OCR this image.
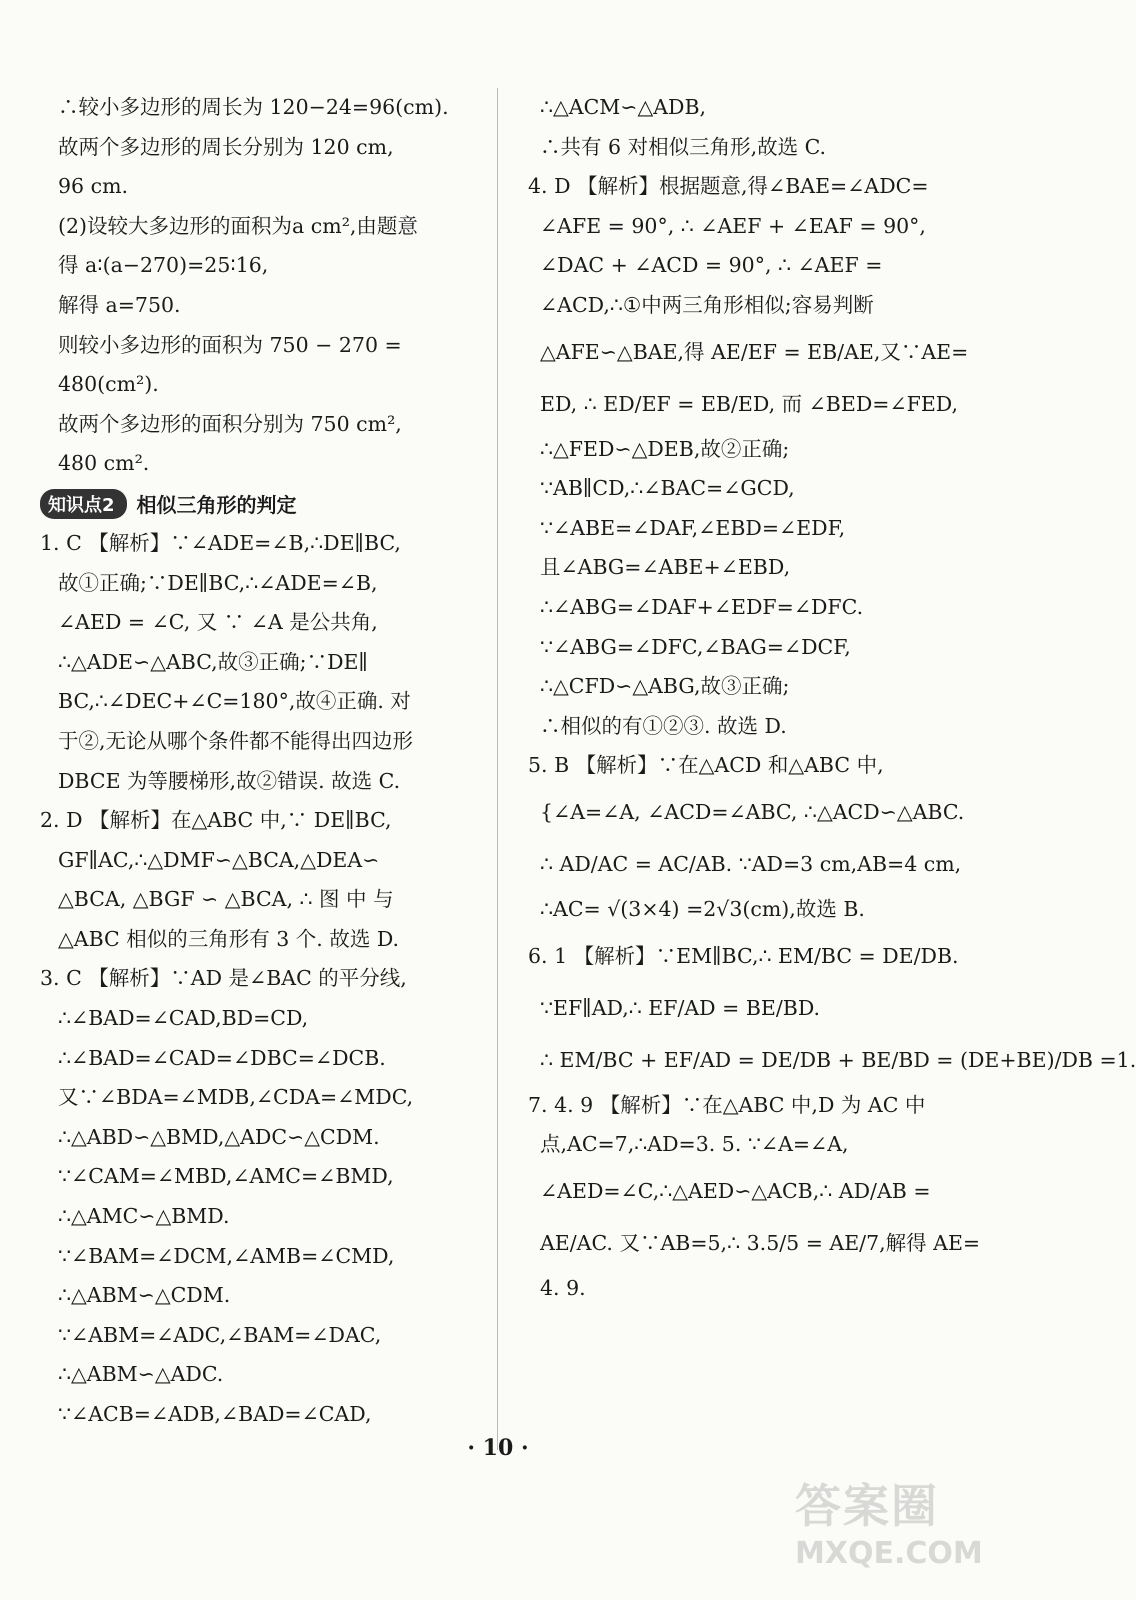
∴较小多边形的周长为 120−24=96(cm).
故两个多边形的周长分别为 120 cm,
96 cm.
(2)设较大多边形的面积为a cm²,由题意
得 a∶(a−270)=25∶16,
解得 a=750.
则较小多边形的面积为 750 − 270 =
480(cm²).
故两个多边形的面积分别为 750 cm²,
480 cm².
知识点2	相似三角形的判定
1. C 【解析】∵∠ADE=∠B,∴DE∥BC,
故①正确;∵DE∥BC,∴∠ADE=∠B,
∠AED = ∠C, 又 ∵ ∠A 是公共角,
∴△ADE∽△ABC,故③正确;∵DE∥
BC,∴∠DEC+∠C=180°,故④正确. 对
于②,无论从哪个条件都不能得出四边形
DBCE 为等腰梯形,故②错误. 故选 C.
2. D 【解析】在△ABC 中,∵ DE∥BC,
GF∥AC,∴△DMF∽△BCA,△DEA∽
△BCA, △BGF ∽ △BCA, ∴ 图 中 与
△ABC 相似的三角形有 3 个. 故选 D.
3. C 【解析】∵AD 是∠BAC 的平分线,
∴∠BAD=∠CAD,BD=CD,
∴∠BAD=∠CAD=∠DBC=∠DCB.
又∵∠BDA=∠MDB,∠CDA=∠MDC,
∴△ABD∽△BMD,△ADC∽△CDM.
∵∠CAM=∠MBD,∠AMC=∠BMD,
∴△AMC∽△BMD.
∵∠BAM=∠DCM,∠AMB=∠CMD,
∴△ABM∽△CDM.
∵∠ABM=∠ADC,∠BAM=∠DAC,
∴△ABM∽△ADC.
∵∠ACB=∠ADB,∠BAD=∠CAD,
∴△ACM∽△ADB,
∴共有 6 对相似三角形,故选 C.
4. D 【解析】根据题意,得∠BAE=∠ADC=
∠AFE = 90°, ∴ ∠AEF + ∠EAF = 90°,
∠DAC + ∠ACD = 90°, ∴ ∠AEF =
∠ACD,∴①中两三角形相似;容易判断
△AFE∽△BAE,得 AE/EF = EB/AE,又∵AE=
ED, ∴ ED/EF = EB/ED, 而 ∠BED=∠FED,
∴△FED∽△DEB,故②正确;
∵AB∥CD,∴∠BAC=∠GCD,
∵∠ABE=∠DAF,∠EBD=∠EDF,
且∠ABG=∠ABE+∠EBD,
∴∠ABG=∠DAF+∠EDF=∠DFC.
∵∠ABG=∠DFC,∠BAG=∠DCF,
∴△CFD∽△ABG,故③正确;
∴相似的有①②③. 故选 D.
5. B 【解析】∵在△ACD 和△ABC 中,
{∠A=∠A, ∠ACD=∠ABC, ∴△ACD∽△ABC.
∴ AD/AC = AC/AB. ∵AD=3 cm,AB=4 cm,
∴AC= √(3×4) =2√3(cm),故选 B.
6. 1 【解析】∵EM∥BC,∴ EM/BC = DE/DB.
∵EF∥AD,∴ EF/AD = BE/BD.
∴ EM/BC + EF/AD = DE/DB + BE/BD = (DE+BE)/DB =1.
7. 4. 9 【解析】∵在△ABC 中,D 为 AC 中
点,AC=7,∴AD=3. 5. ∵∠A=∠A,
∠AED=∠C,∴△AED∽△ACB,∴ AD/AB =
AE/AC. 又∵AB=5,∴ 3.5/5 = AE/7,解得 AE=
4. 9.
· 10 ·
答案圈
MXQE.COM
